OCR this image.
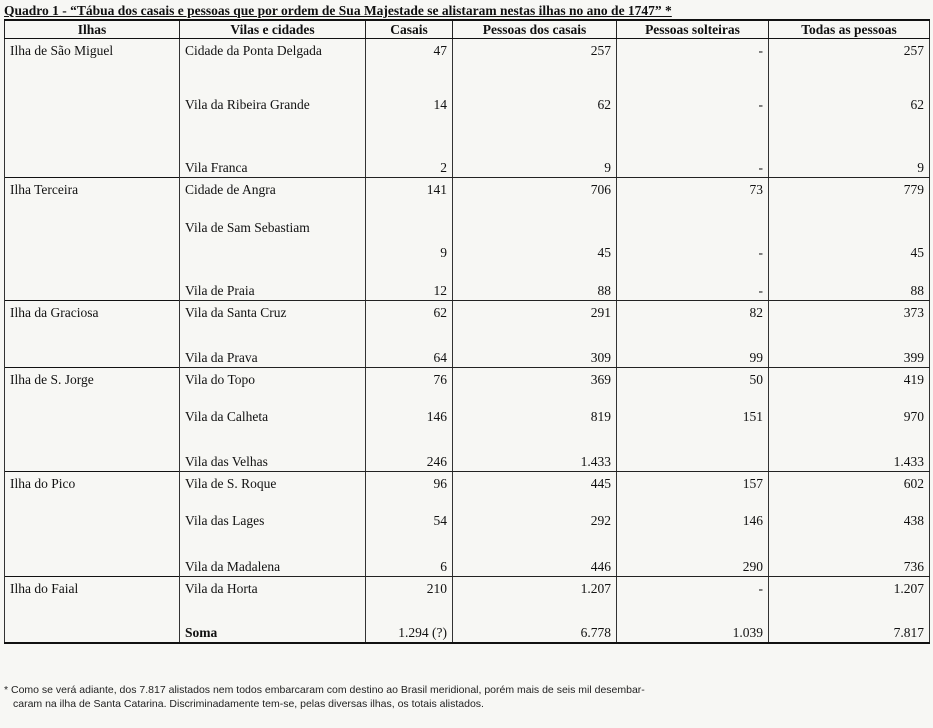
Quadro 1 - “Tábua dos casais e pessoas que por ordem de Sua Majestade se alistaram nestas ilhas no ano de 1747” *
Ilhas	Vilas e cidades	Casais	Pessoas dos casais	Pessoas solteiras	Todas as pessoas
Ilha de São Miguel	Cidade da Ponta Delgada	47	257	-	257
	Vila da Ribeira Grande	14	62	-	62
	Vila Franca	2	9	-	9
Ilha Terceira	Cidade de Angra	141	706	73	779
	Vila de Sam Sebastiam	9	45	-	45
	Vila de Praia	12	88	-	88
Ilha da Graciosa	Vila da Santa Cruz	62	291	82	373
	Vila da Prava	64	309	99	399
Ilha de S. Jorge	Vila do Topo	76	369	50	419
	Vila da Calheta	146	819	151	970
	Vila das Velhas	246	1.433		1.433
Ilha do Pico	Vila de S. Roque	96	445	157	602
	Vila das Lages	54	292	146	438
	Vila da Madalena	6	446	290	736
Ilha do Faial	Vila da Horta	210	1.207	-	1.207
	Soma	1.294 (?)	6.778	1.039	7.817
* Como se verá adiante, dos 7.817 alistados nem todos embarcaram com destino ao Brasil meridional, porém mais de seis mil desembar-
caram na ilha de Santa Catarina. Discriminadamente tem-se, pelas diversas ilhas, os totais alistados.
